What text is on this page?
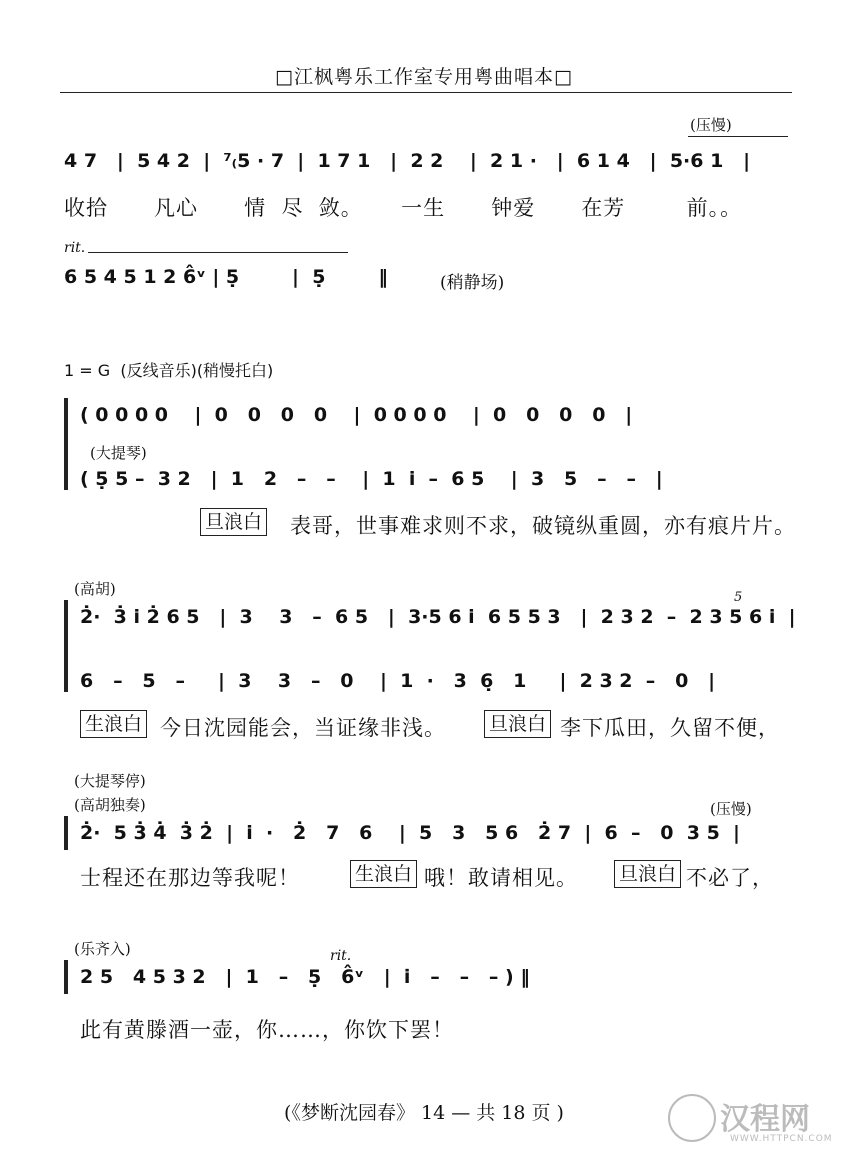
□江枫粤乐工作室专用粤曲唱本□
(压慢)
4 7   |  5 4 2  |  ⁷₍5 · 7  |  1 7 1   |  2 2    |  2 1 ·   |  6 1 4   |  5·6 1   |
收拾      凡心      情  尽  敛。     一生      钟爱      在芳        前。。
rit.
6 5 4 5 1 2 6̂ᵛ | 5̣        |  5̣        ‖	(稍静场)
1 = G  (反线音乐)(稍慢托白)
( 0 0 0 0    |  0   0   0   0    |  0 0 0 0    |  0   0   0   0   |
(大提琴)
( 5̣ 5 –  3 2   |  1   2   –   –    |  1  i  –  6 5    |  3   5   –   –   |
旦浪白 表哥，世事难求则不求，破镜纵重圆，亦有痕片片。
(高胡)	5
2̇·  3̇ i 2̇ 6 5   |  3    3   –  6 5   |  3·5 6 i  6 5 5 3   |  2 3 2  –  2 3 5 6 i  |
6   –   5   –     |  3    3   –   0    |  1  ·   3  6̣   1     |  2 3 2  –   0   |
生浪白 今日沈园能会，当证缘非浅。 旦浪白 李下瓜田，久留不便，
(大提琴停)
(高胡独奏)	(压慢)
2̇·  5 3̇ 4̇  3̇ 2̇  |  i  ·   2̇   7   6    |  5   3   5 6   2̇ 7  |  6  –   0  3 5  |
士程还在那边等我呢！	生浪白 哦！敢请相见。 旦浪白 不必了，
(乐齐入)	rit.
2 5   4 5 3 2   |  1   –   5̣   6̂ᵛ   |  i̇   –   –   – ) ‖
此有黄滕酒一壶，你……，你饮下罢！
(《梦断沈园春》 14 — 共 18 页 )	汉程网
WWW.HTTPCN.COM
